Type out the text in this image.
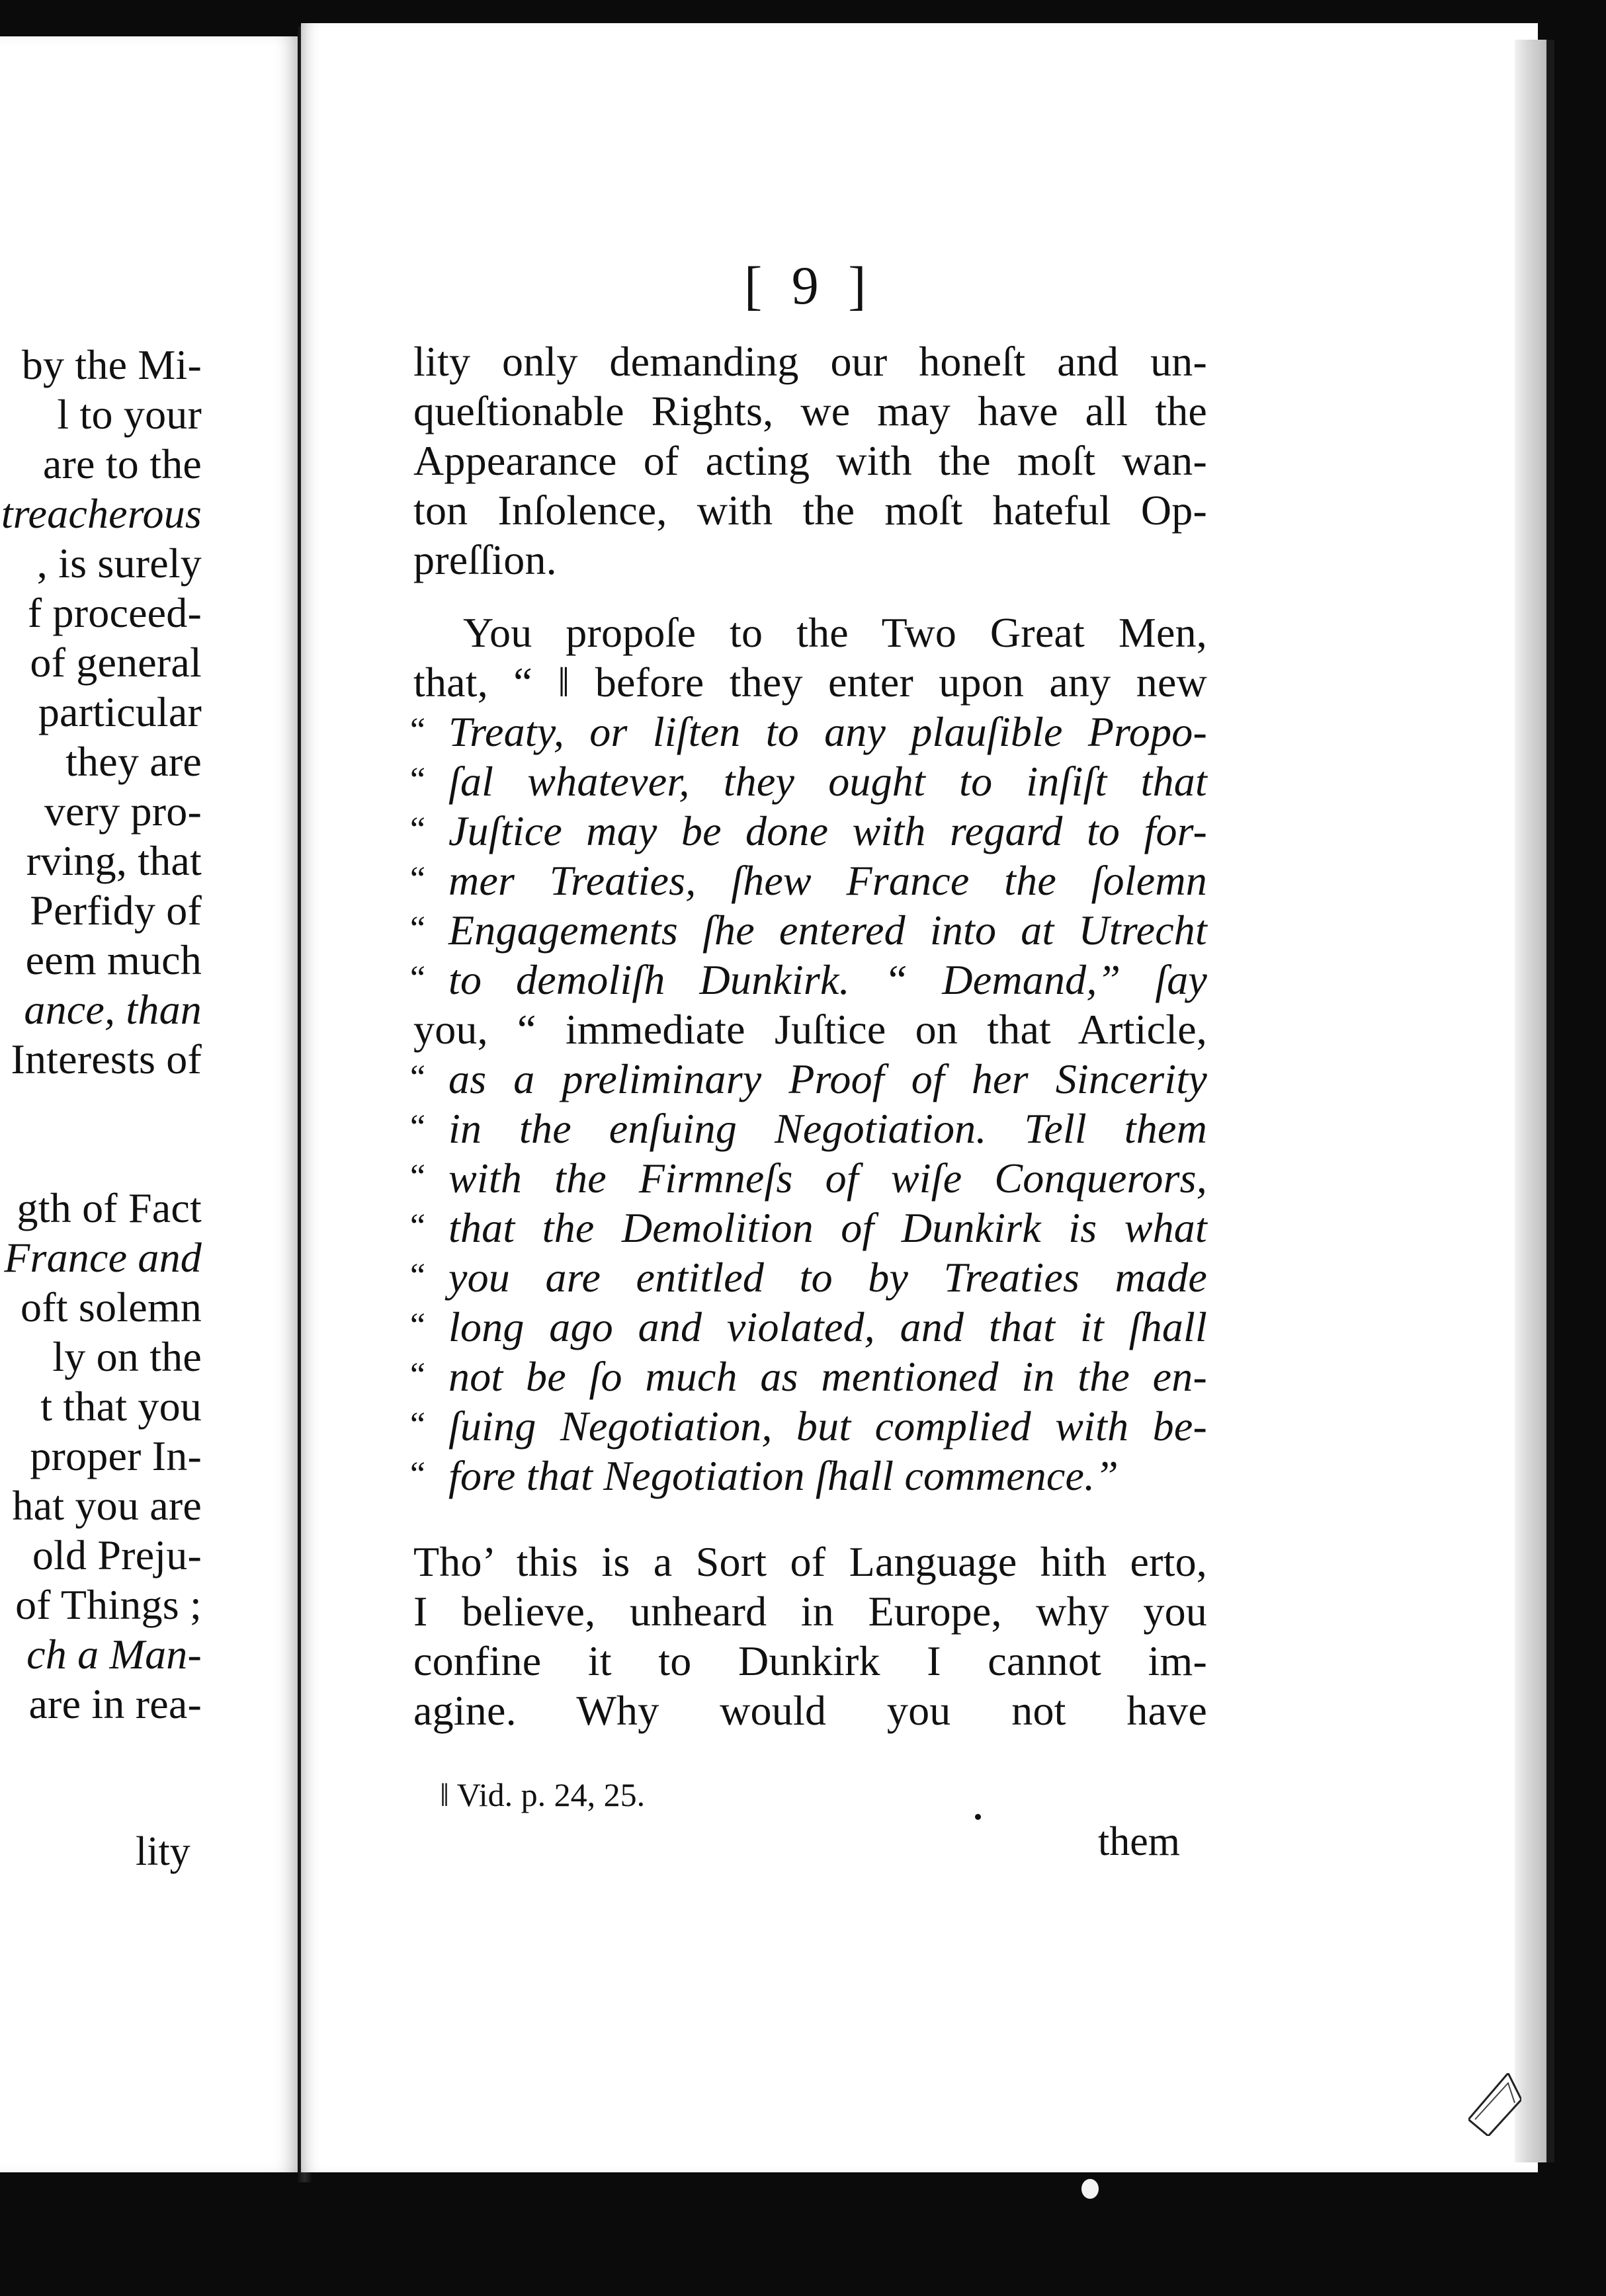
by the Mi-
l to your
are to the
treacherous
, is surely
f proceed-
of general
particular
they are
very pro-
rving, that
Perfidy of
eem much
ance, than
Interests of
gth of Fact
France and
oft solemn
ly on the
t that you
proper In-
hat you are
old Preju-
of Things ;
ch a Man-
are in rea-
lity
[ 9 ]
lity only demanding our honeſt and un-
queſtionable Rights, we may have all the
Appearance of acting with the moſt wan-
ton Inſolence, with the moſt hateful Op-
preſſion.
You propoſe to the Two Great Men,
that, “ ‖ before they enter upon any new
“ Treaty, or liſten to any plauſible Propo-
“ ſal whatever, they ought to inſiſt that
“ Juſtice may be done with regard to for-
“ mer Treaties, ſhew France the ſolemn
“ Engagements ſhe entered into at Utrecht
“ to demoliſh Dunkirk. “ Demand,” ſay
you, “ immediate Juſtice on that Article,
“ as a preliminary Proof of her Sincerity
“ in the enſuing Negotiation. Tell them
“ with the Firmneſs of wiſe Conquerors,
“ that the Demolition of Dunkirk is what
“ you are entitled to by Treaties made
“ long ago and violated, and that it ſhall
“ not be ſo much as mentioned in the en-
“ ſuing Negotiation, but complied with be-
“ fore that Negotiation ſhall commence.”
Tho’ this is a Sort of Language hith erto,
I believe, unheard in Europe, why you
confine it to Dunkirk I cannot im-
agine. Why would you not have
‖ Vid. p. 24, 25.
them
